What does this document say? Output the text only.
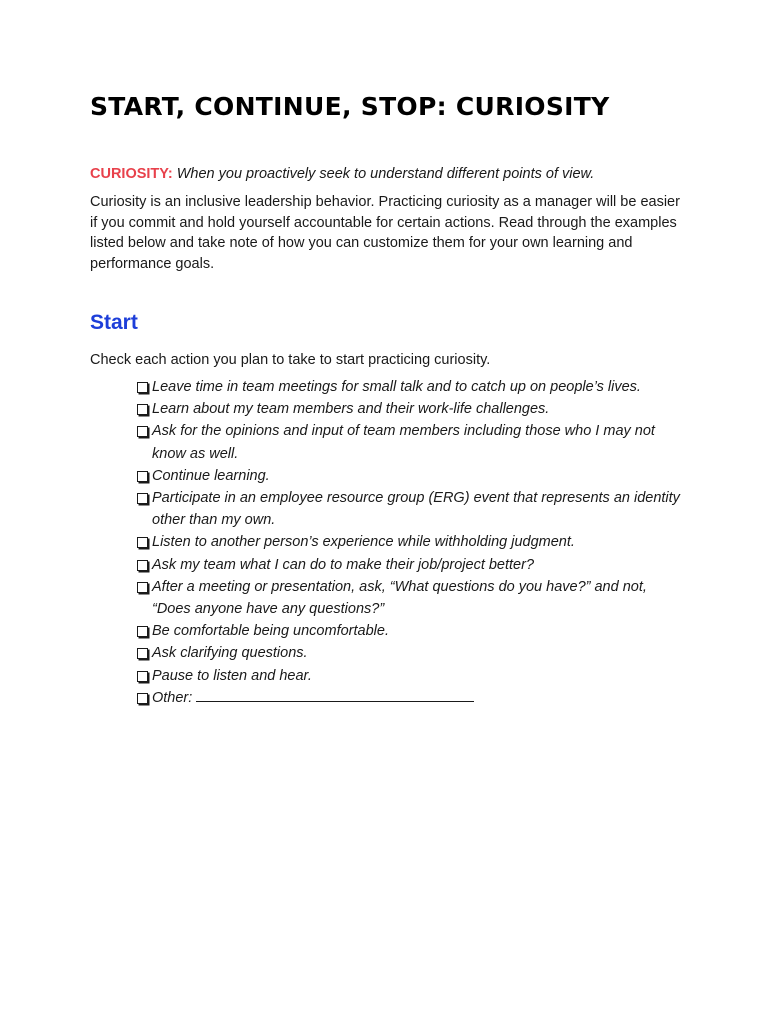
START, CONTINUE, STOP: CURIOSITY
CURIOSITY: When you proactively seek to understand different points of view.

Curiosity is an inclusive leadership behavior. Practicing curiosity as a manager will be easier if you commit and hold yourself accountable for certain actions. Read through the examples listed below and take note of how you can customize them for your own learning and performance goals.

Start
Check each action you plan to take to start practicing curiosity.
Leave time in team meetings for small talk and to catch up on people’s lives.
Learn about my team members and their work-life challenges.
Ask for the opinions and input of team members including those who I may not know as well.
Continue learning.
Participate in an employee resource group (ERG) event that represents an identity other than my own.
Listen to another person’s experience while withholding judgment.
Ask my team what I can do to make their job/project better?
After a meeting or presentation, ask, “What questions do you have?” and not, “Does anyone have any questions?”
Be comfortable being uncomfortable.
Ask clarifying questions.
Pause to listen and hear.
Other:
